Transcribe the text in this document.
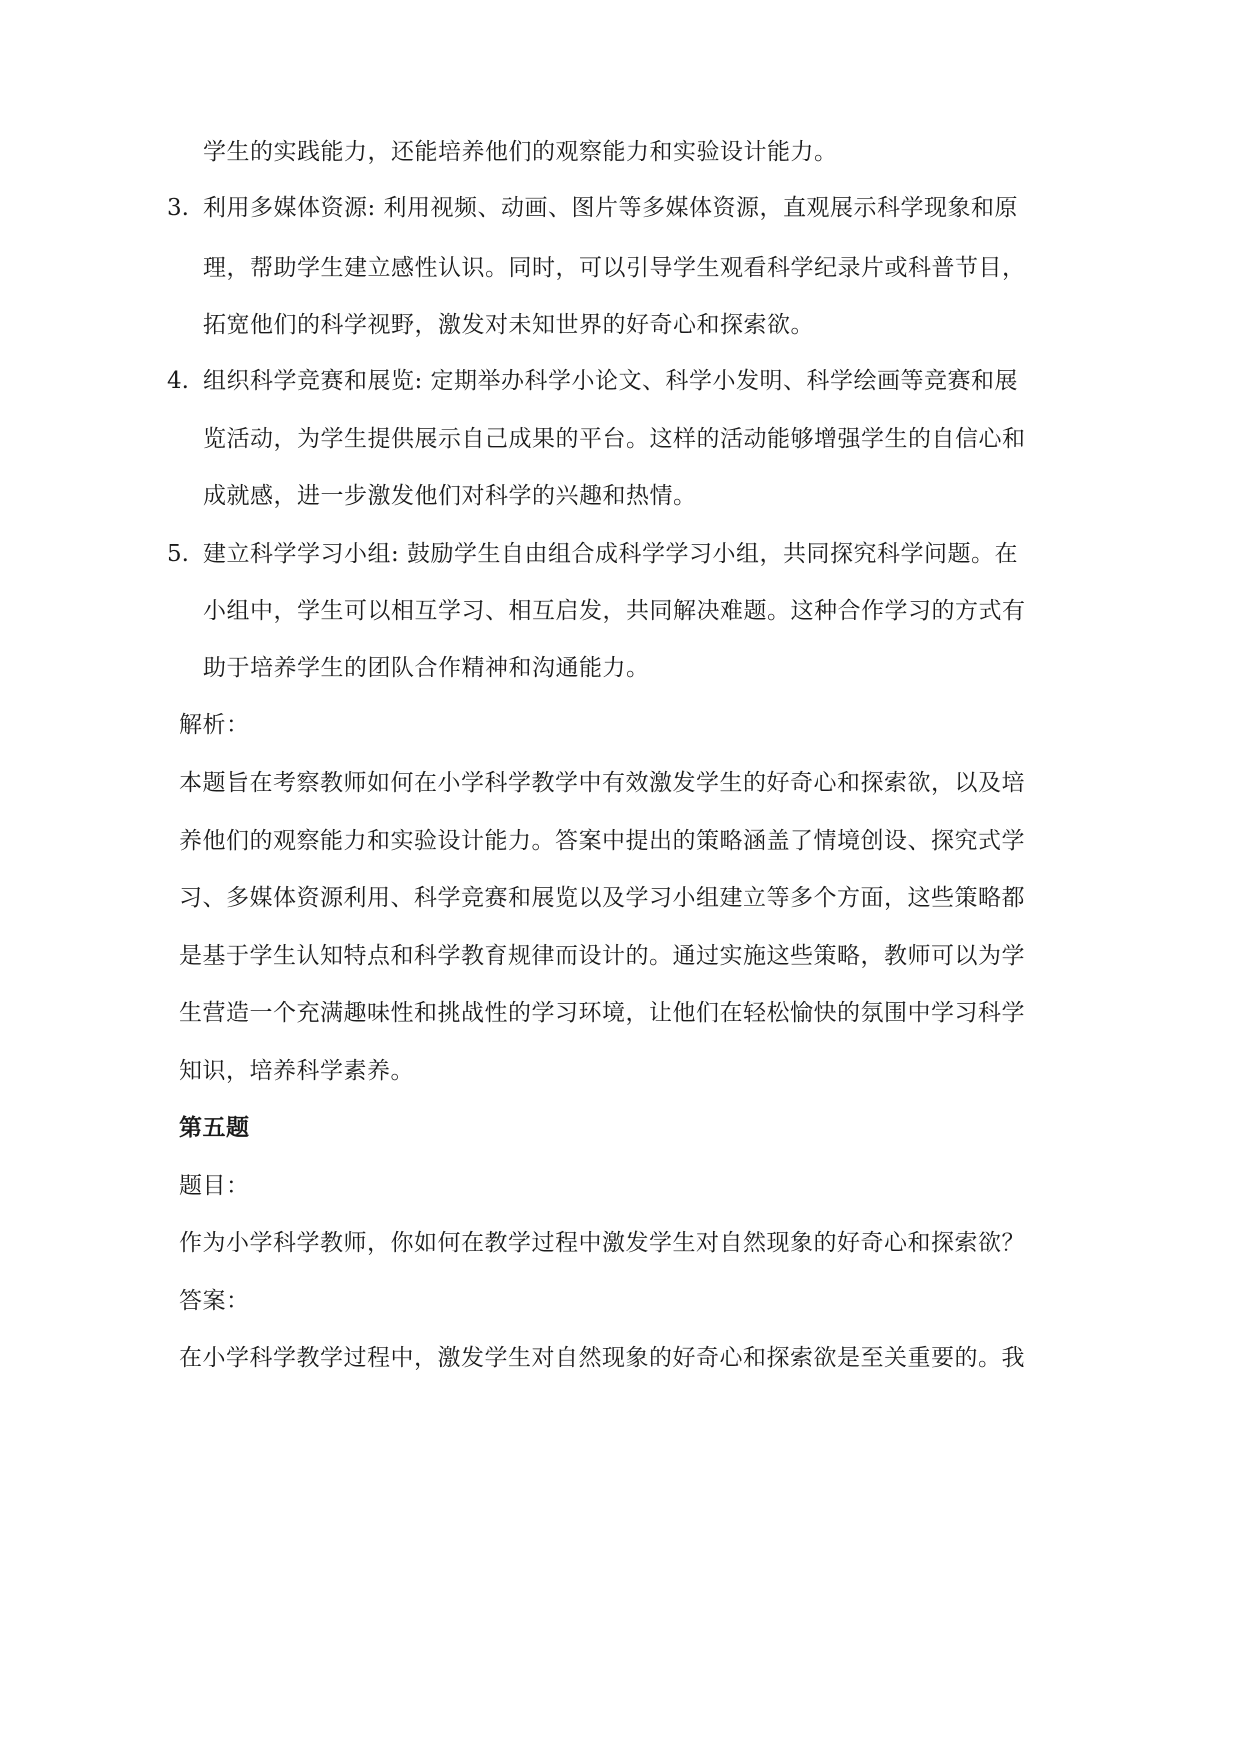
学生的实践能力，还能培养他们的观察能力和实验设计能力。
3. 利用多媒体资源: 利用视频、动画、图片等多媒体资源，直观展示科学现象和原
理，帮助学生建立感性认识。同时，可以引导学生观看科学纪录片或科普节目，
拓宽他们的科学视野，激发对未知世界的好奇心和探索欲。
4. 组织科学竞赛和展览: 定期举办科学小论文、科学小发明、科学绘画等竞赛和展
览活动，为学生提供展示自己成果的平台。这样的活动能够增强学生的自信心和
成就感，进一步激发他们对科学的兴趣和热情。
5. 建立科学学习小组: 鼓励学生自由组合成科学学习小组，共同探究科学问题。在
小组中，学生可以相互学习、相互启发，共同解决难题。这种合作学习的方式有
助于培养学生的团队合作精神和沟通能力。
解析：
本题旨在考察教师如何在小学科学教学中有效激发学生的好奇心和探索欲，以及培
养他们的观察能力和实验设计能力。答案中提出的策略涵盖了情境创设、探究式学
习、多媒体资源利用、科学竞赛和展览以及学习小组建立等多个方面，这些策略都
是基于学生认知特点和科学教育规律而设计的。通过实施这些策略，教师可以为学
生营造一个充满趣味性和挑战性的学习环境，让他们在轻松愉快的氛围中学习科学
知识，培养科学素养。
第五题
题目：
作为小学科学教师，你如何在教学过程中激发学生对自然现象的好奇心和探索欲？
答案：
在小学科学教学过程中，激发学生对自然现象的好奇心和探索欲是至关重要的。我
